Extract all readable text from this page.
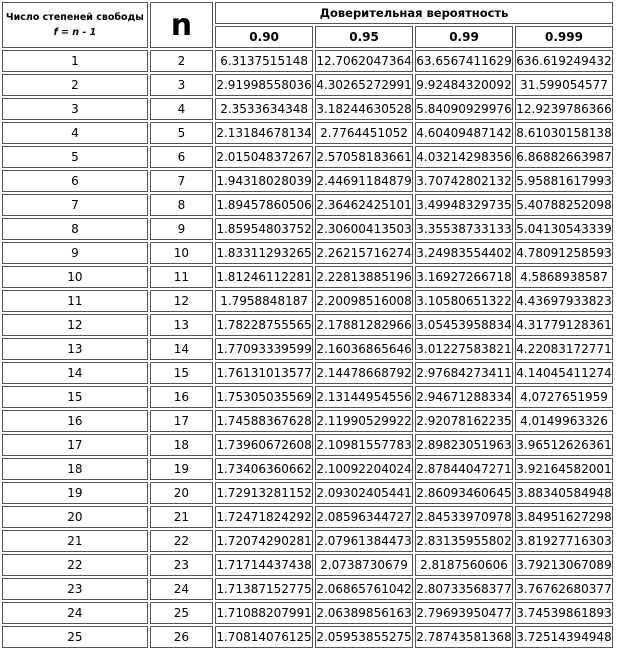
Число степеней свободы
f = n - 1	n	Доверительная вероятность			
		0.90	0.95	0.99	0.999
1	2	6.3137515148	12.7062047364	63.6567411629	636.619249432
2	3	2.91998558036	4.30265272991	9.92484320092	31.599054577
3	4	2.3533634348	3.18244630528	5.84090929976	12.9239786366
4	5	2.13184678134	2.7764451052	4.60409487142	8.61030158138
5	6	2.01504837267	2.57058183661	4.03214298356	6.86882663987
6	7	1.94318028039	2.44691184879	3.70742802132	5.95881617993
7	8	1.89457860506	2.36462425101	3.49948329735	5.40788252098
8	9	1.85954803752	2.30600413503	3.35538733133	5.04130543339
9	10	1.83311293265	2.26215716274	3.24983554402	4.78091258593
10	11	1.81246112281	2.22813885196	3.16927266718	4.5868938587
11	12	1.7958848187	2.20098516008	3.10580651322	4.43697933823
12	13	1.78228755565	2.17881282966	3.05453958834	4.31779128361
13	14	1.77093339599	2.16036865646	3.01227583821	4.22083172771
14	15	1.76131013577	2.14478668792	2.97684273411	4.14045411274
15	16	1.75305035569	2.13144954556	2.94671288334	4.0727651959
16	17	1.74588367628	2.11990529922	2.92078162235	4.0149963326
17	18	1.73960672608	2.10981557783	2.89823051963	3.96512626361
18	19	1.73406360662	2.10092204024	2.87844047271	3.92164582001
19	20	1.72913281152	2.09302405441	2.86093460645	3.88340584948
20	21	1.72471824292	2.08596344727	2.84533970978	3.84951627298
21	22	1.72074290281	2.07961384473	2.83135955802	3.81927716303
22	23	1.71714437438	2.0738730679	2.8187560606	3.79213067089
23	24	1.71387152775	2.06865761042	2.80733568377	3.76762680377
24	25	1.71088207991	2.06389856163	2.79693950477	3.74539861893
25	26	1.70814076125	2.05953855275	2.78743581368	3.72514394948
